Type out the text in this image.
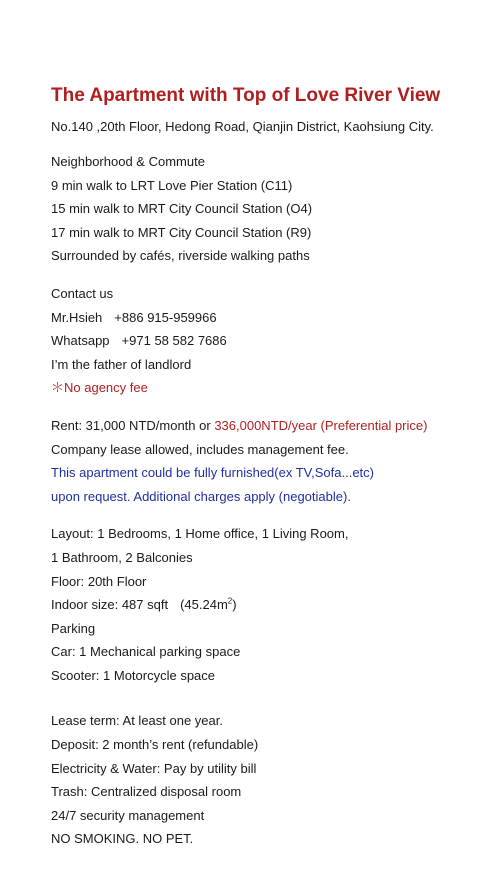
The Apartment with Top of Love River View
No.140 ,20th Floor, Hedong Road, Qianjin District, Kaohsiung City.
Neighborhood & Commute
9 min walk to LRT Love Pier Station (C11)
15 min walk to MRT City Council Station (O4)
17 min walk to MRT City Council Station (R9)
Surrounded by cafés, riverside walking paths
Contact us
Mr.Hsieh +886 915-959966
Whatsapp +971 58 582 7686
I’m the father of landlord
＊No agency fee
Rent: 31,000 NTD/month or 336,000NTD/year (Preferential price)
Company lease allowed, includes management fee.
This apartment could be fully furnished(ex TV,Sofa...etc)
upon request. Additional charges apply (negotiable).
Layout: 1 Bedrooms, 1 Home office, 1 Living Room,
1 Bathroom, 2 Balconies
Floor: 20th Floor
Indoor size: 487 sqft $(45.24m^2)$
Parking
Car: 1 Mechanical parking space
Scooter: 1 Motorcycle space
Lease term: At least one year.
Deposit: 2 month’s rent (refundable)
Electricity & Water: Pay by utility bill
Trash: Centralized disposal room
24/7 security management
NO SMOKING. NO PET.
